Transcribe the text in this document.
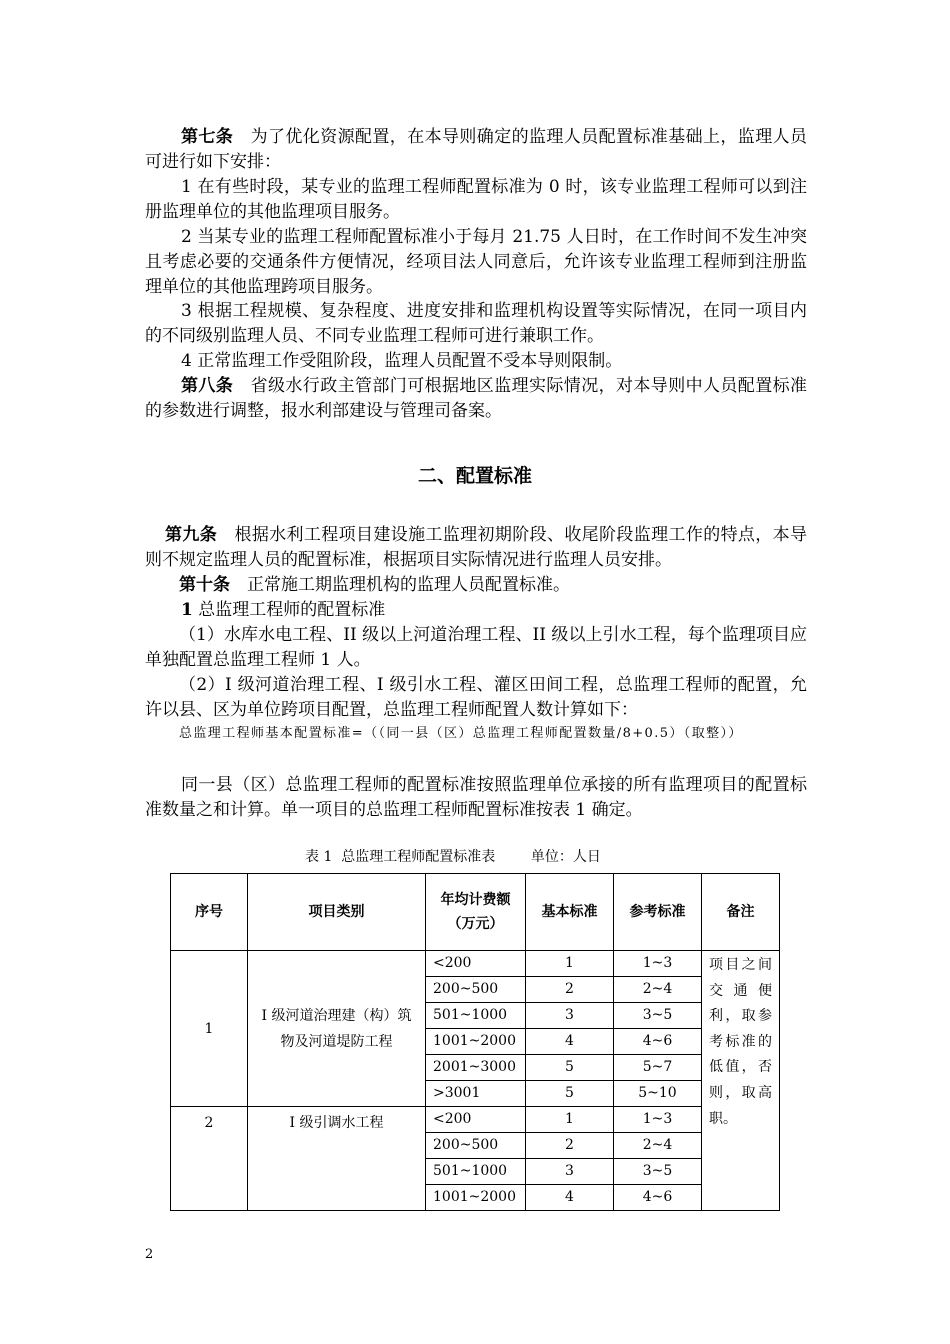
第七条　为了优化资源配置，在本导则确定的监理人员配置标准基础上，监理人员可进行如下安排：

1 在有些时段，某专业的监理工程师配置标准为 0 时，该专业监理工程师可以到注册监理单位的其他监理项目服务。

2 当某专业的监理工程师配置标准小于每月 21.75 人日时，在工作时间不发生冲突且考虑必要的交通条件方便情况，经项目法人同意后，允许该专业监理工程师到注册监理单位的其他监理跨项目服务。

3 根据工程规模、复杂程度、进度安排和监理机构设置等实际情况，在同一项目内的不同级别监理人员、不同专业监理工程师可进行兼职工作。

4 正常监理工作受阻阶段，监理人员配置不受本导则限制。

第八条　省级水行政主管部门可根据地区监理实际情况，对本导则中人员配置标准的参数进行调整，报水利部建设与管理司备案。

二、配置标准

第九条　根据水利工程项目建设施工监理初期阶段、收尾阶段监理工作的特点，本导则不规定监理人员的配置标准，根据项目实际情况进行监理人员安排。

第十条　正常施工期监理机构的监理人员配置标准。

1 总监理工程师的配置标准

（1）水库水电工程、II 级以上河道治理工程、II 级以上引水工程，每个监理项目应单独配置总监理工程师 1 人。

（2）I 级河道治理工程、I 级引水工程、灌区田间工程，总监理工程师的配置，允许以县、区为单位跨项目配置，总监理工程师配置人数计算如下：

总监理工程师基本配置标准=（（同一县（区）总监理工程师配置数量/8+0.5）（取整））

同一县（区）总监理工程师的配置标准按照监理单位承接的所有监理项目的配置标准数量之和计算。单一项目的总监理工程师配置标准按表 1 确定。

表 1  总监理工程师配置标准表        单位：人日
序号	项目类别	年均计费额（万元）	基本标准	参考标准	备注
1	I 级河道治理建（构）筑物及河道堤防工程	<200	1	1~3	项目之间交通便利，取参考标准的低值，否则，取高职。
		200~500	2	2~4	
		501~1000	3	3~5	
		1001~2000	4	4~6	
		2001~3000	5	5~7	
		>3001	5	5~10	
2	I 级引调水工程	<200	1	1~3	
		200~500	2	2~4	
		501~1000	3	3~5	
		1001~2000	4	4~6	
2
